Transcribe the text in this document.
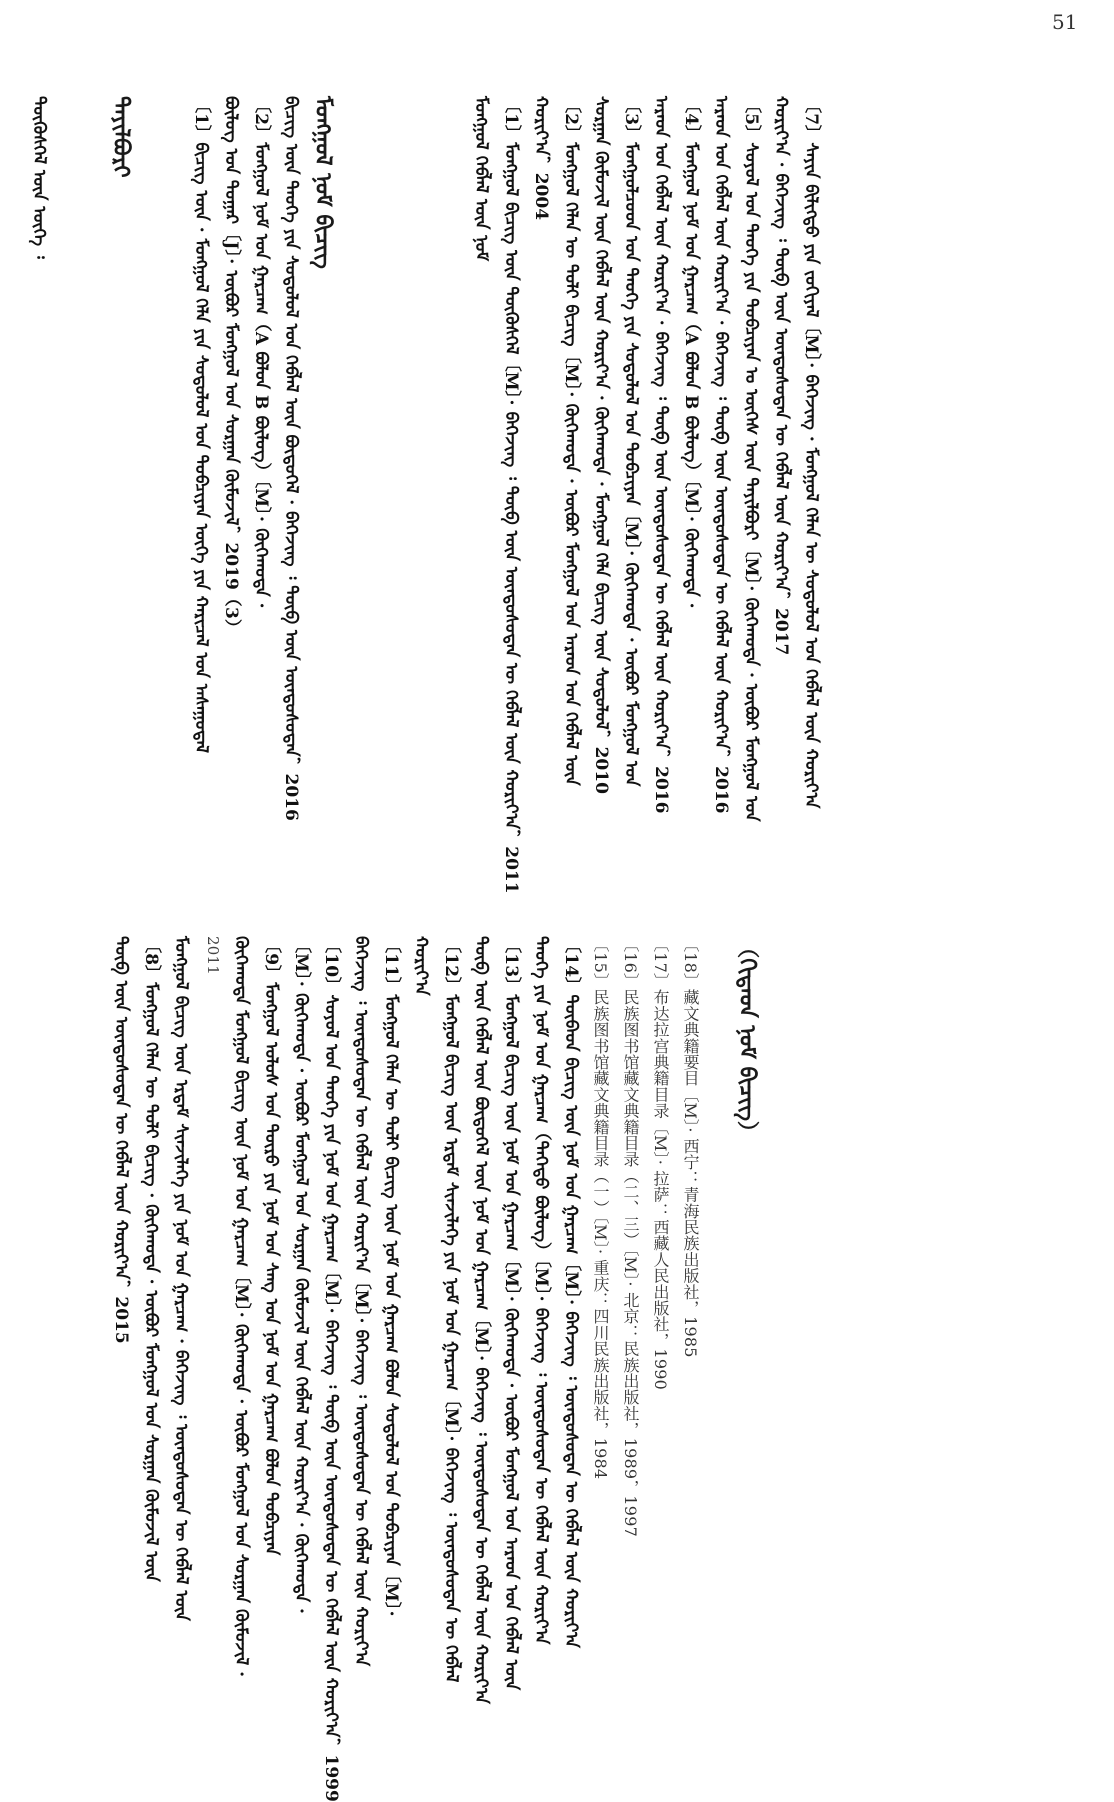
51
〔7〕ᠰᠠᠶᠢᠨ ᠪᠢᠯᠢᠭᠲᠦ ᠶᠢᠨ ᠵᠣᠬᠢᠶᠠᠯ〔M〕· ᠪᠡᠭᠡᠵᠢᠩ · ᠮᠣᠩᠭᠣᠯ ᠬᠡᠯᠡᠨ ᠦ ᠰᠤᠳᠤᠯᠤᠯ ᠤᠨ ᠬᠡᠪᠯᠡᠯ ᠦᠨ ᠬᠣᠷᠢᠶ᠎ᠠ
ᠬᠣᠷᠢᠶ᠎ᠠ · ᠪᠡᠭᠡᠵᠢᠩ ᠄ ᠲᠥᠪ ᠦᠨ ᠦᠨᠳᠦᠰᠦᠲᠡᠨ ᠦ ᠬᠡᠪᠯᠡᠯ ᠦᠨ ᠬᠣᠷᠢᠶ᠎ᠠ，2017
〔5〕ᠰᠣᠶᠣᠯ ᠤᠨ ᠲᠡᠦᠬᠡ ᠶᠢᠨ ᠲᠣᠪᠴᠢᠶᠠᠨ ᠤ ᠦᠭᠡᠰ ᠦᠨ ᠲᠠᠶᠢᠯᠪᠦᠷᠢ〔M〕· ᠬᠥᠬᠡᠬᠣᠲᠠ · ᠥᠪᠥᠷ ᠮᠣᠩᠭᠣᠯ ᠤᠨ
ᠠᠷᠠᠳ ᠤᠨ ᠬᠡᠪᠯᠡᠯ ᠦᠨ ᠬᠣᠷᠢᠶ᠎ᠠ · ᠪᠡᠭᠡᠵᠢᠩ ᠄ ᠲᠥᠪ ᠦᠨ ᠦᠨᠳᠦᠰᠦᠲᠡᠨ ᠦ ᠬᠡᠪᠯᠡᠯ ᠦᠨ ᠬᠣᠷᠢᠶ᠎ᠠ，2016
〔4〕ᠮᠣᠩᠭᠣᠯ ᠨᠣᠮ ᠤᠨ ᠭᠠᠷᠴᠠᠭ（A ᠪᠣᠯᠣᠨ B ᠪᠦᠯᠦᠭ）〔M〕· ᠬᠥᠬᠡᠬᠣᠲᠠ ·
ᠠᠷᠠᠳ ᠤᠨ ᠬᠡᠪᠯᠡᠯ ᠦᠨ ᠬᠣᠷᠢᠶ᠎ᠠ · ᠪᠡᠭᠡᠵᠢᠩ ᠄ ᠲᠥᠪ ᠦᠨ ᠦᠨᠳᠦᠰᠦᠲᠡᠨ ᠦ ᠬᠡᠪᠯᠡᠯ ᠦᠨ ᠬᠣᠷᠢᠶ᠎ᠠ，2016
〔3〕ᠮᠣᠩᠭᠣᠯᠴᠤᠳ ᠤᠨ ᠲᠡᠦᠬᠡ ᠶᠢᠨ ᠰᠤᠳᠤᠯᠤᠯ ᠤᠨ ᠲᠣᠪᠴᠢᠶᠠᠨ〔M〕· ᠬᠥᠬᠡᠬᠣᠲᠠ · ᠥᠪᠥᠷ ᠮᠣᠩᠭᠣᠯ ᠤᠨ
ᠰᠤᠷᠭᠠᠨ ᠬᠦᠮᠦᠵᠢᠯ ᠦᠨ ᠬᠡᠪᠯᠡᠯ ᠦᠨ ᠬᠣᠷᠢᠶ᠎ᠠ · ᠬᠥᠬᠡᠬᠣᠲᠠ · ᠮᠣᠩᠭᠣᠯ ᠬᠡᠯᠡ ᠪᠢᠴᠢᠭ ᠦᠨ ᠰᠤᠳᠤᠯᠤᠯ，2010
〔2〕ᠮᠣᠩᠭᠣᠯ ᠬᠡᠯᠡᠨ ᠦ ᠲᠣᠯᠢ ᠪᠢᠴᠢᠭ〔M〕· ᠬᠥᠬᠡᠬᠣᠲᠠ · ᠥᠪᠥᠷ ᠮᠣᠩᠭᠣᠯ ᠤᠨ ᠠᠷᠠᠳ ᠤᠨ ᠬᠡᠪᠯᠡᠯ ᠦᠨ
ᠬᠣᠷᠢᠶ᠎ᠠ，2004
〔1〕ᠮᠣᠩᠭᠣᠯ ᠪᠢᠴᠢᠭ ᠦᠨ ᠲᠥᠭᠦᠰᠬᠡᠯ〔M〕· ᠪᠡᠭᠡᠵᠢᠩ ᠄ ᠲᠥᠪ ᠦᠨ ᠦᠨᠳᠦᠰᠦᠲᠡᠨ ᠦ ᠬᠡᠪᠯᠡᠯ ᠦᠨ ᠬᠣᠷᠢᠶ᠎ᠠ，2011
ᠮᠣᠩᠭᠣᠯ ᠬᠡᠪᠯᠡᠯ ᠦᠨ ᠨᠣᠮ
ᠮᠣᠩᠭᠣᠯ ᠨᠣᠮ ᠪᠢᠴᠢᠭ
ᠪᠢᠴᠢᠭ ᠦᠨ ᠲᠡᠦᠬᠡ ᠶᠢᠨ ᠰᠤᠳᠤᠯᠤᠯ ᠤᠨ ᠬᠡᠪᠯᠡᠯ ᠦᠨ ᠪᠦᠲᠦᠭᠡᠯ · ᠪᠡᠭᠡᠵᠢᠩ ᠄ ᠲᠥᠪ ᠦᠨ ᠦᠨᠳᠦᠰᠦᠲᠡᠨ，2016
〔2〕ᠮᠣᠩᠭᠣᠯ ᠨᠣᠮ ᠤᠨ ᠭᠠᠷᠴᠠᠭ（A ᠪᠣᠯᠣᠨ B ᠪᠦᠯᠦᠭ）〔M〕· ᠬᠥᠬᠡᠬᠣᠲᠠ ·
ᠪᠦᠯᠦᠭ ᠤᠨ ᠳᠤᠭᠠᠷ〔J〕· ᠥᠪᠥᠷ ᠮᠣᠩᠭᠣᠯ ᠤᠨ ᠰᠤᠷᠭᠠᠨ ᠬᠦᠮᠦᠵᠢᠯ，2019（3）
〔1〕ᠪᠢᠴᠢᠭ ᠦᠨ · ᠮᠣᠩᠭᠣᠯ ᠬᠡᠯᠡ ᠶᠢᠨ ᠰᠤᠳᠤᠯᠤᠯ ᠤᠨ ᠲᠣᠪᠴᠢᠶᠠᠨ ᠦᠭᠡ ᠶᠢᠨ ᠬᠠᠷᠢᠴᠠᠯ ᠤᠨ ᠠᠰᠠᠭᠤᠳᠠᠯ
ᠲᠠᠶᠢᠯᠪᠦᠷᠢ
ᠲᠥᠭᠦᠰᠬᠡᠯ ᠦᠨ ᠦᠭᠡ ᠄
（ᠬᠢᠲᠠᠳ ᠨᠣᠮ ᠪᠢᠴᠢᠭ）
〔18〕藏文典籍要目〔M〕· 西宁：青海民族出版社，1985
〔17〕布达拉宫典籍目录〔M〕· 拉萨：西藏人民出版社，1990
〔16〕民族图书馆藏文典籍目录（二、三）〔M〕· 北京：民族出版社，1989，1997
〔15〕民族图书馆藏文典籍目录（一）〔M〕· 重庆：四川民族出版社，1984
〔14〕ᠲᠥᠪᠡᠳ ᠪᠢᠴᠢᠭ ᠦᠨ ᠨᠣᠮ ᠤᠨ ᠭᠠᠷᠴᠠᠭ〔M〕· ᠪᠡᠭᠡᠵᠢᠩ ᠄ ᠦᠨᠳᠦᠰᠦᠲᠡᠨ ᠦ ᠬᠡᠪᠯᠡᠯ ᠦᠨ ᠬᠣᠷᠢᠶ᠎ᠠ
ᠲᠡᠦᠬᠡ ᠶᠢᠨ ᠨᠣᠮ ᠤᠨ ᠭᠠᠷᠴᠠᠭ（ᠳᠡᠭᠡᠳᠦ ᠪᠦᠯᠦᠭ）〔M〕· ᠪᠡᠭᠡᠵᠢᠩ ᠄ ᠦᠨᠳᠦᠰᠦᠲᠡᠨ ᠦ ᠬᠡᠪᠯᠡᠯ ᠦᠨ ᠬᠣᠷᠢᠶ᠎ᠠ
〔13〕ᠮᠣᠩᠭᠣᠯ ᠪᠢᠴᠢᠭ ᠦᠨ ᠨᠣᠮ ᠤᠨ ᠭᠠᠷᠴᠠᠭ〔M〕· ᠬᠥᠬᠡᠬᠣᠲᠠ · ᠥᠪᠥᠷ ᠮᠣᠩᠭᠣᠯ ᠤᠨ ᠠᠷᠠᠳ ᠤᠨ ᠬᠡᠪᠯᠡᠯ ᠦᠨ
ᠲᠥᠪ ᠦᠨ ᠬᠡᠪᠯᠡᠯ ᠦᠨ ᠪᠦᠲᠦᠭᠡᠯ ᠦᠨ ᠨᠣᠮ ᠤᠨ ᠭᠠᠷᠴᠠᠭ〔M〕· ᠪᠡᠭᠡᠵᠢᠩ ᠄ ᠦᠨᠳᠦᠰᠦᠲᠡᠨ ᠦ ᠬᠡᠪᠯᠡᠯ ᠦᠨ ᠬᠣᠷᠢᠶ᠎ᠠ
〔12〕ᠮᠣᠩᠭᠣᠯ ᠪᠢᠴᠢᠭ ᠦᠨ ᠡᠷᠳᠡᠮ ᠰᠢᠨᠵᠢᠯᠡᠭᠡ ᠶᠢᠨ ᠨᠣᠮ ᠤᠨ ᠭᠠᠷᠴᠠᠭ〔M〕· ᠪᠡᠭᠡᠵᠢᠩ ᠄ ᠦᠨᠳᠦᠰᠦᠲᠡᠨ ᠦ ᠬᠡᠪᠯᠡᠯ
ᠬᠣᠷᠢᠶ᠎ᠠ
〔11〕ᠮᠣᠩᠭᠣᠯ ᠬᠡᠯᠡᠨ ᠦ ᠲᠣᠯᠢ ᠪᠢᠴᠢᠭ ᠦᠨ ᠨᠣᠮ ᠤᠨ ᠭᠠᠷᠴᠠᠭ ᠪᠣᠯᠣᠨ ᠰᠤᠳᠤᠯᠤᠯ ᠤᠨ ᠲᠣᠪᠴᠢᠶᠠᠨ〔M〕·
ᠪᠡᠭᠡᠵᠢᠩ ᠄ ᠦᠨᠳᠦᠰᠦᠲᠡᠨ ᠦ ᠬᠡᠪᠯᠡᠯ ᠦᠨ ᠬᠣᠷᠢᠶ᠎ᠠ〔M〕· ᠪᠡᠭᠡᠵᠢᠩ ᠄ ᠦᠨᠳᠦᠰᠦᠲᠡᠨ ᠦ ᠬᠡᠪᠯᠡᠯ ᠦᠨ ᠬᠣᠷᠢᠶ᠎ᠠ
〔10〕ᠰᠣᠶᠣᠯ ᠤᠨ ᠲᠡᠦᠬᠡ ᠶᠢᠨ ᠨᠣᠮ ᠤᠨ ᠭᠠᠷᠴᠠᠭ〔M〕· ᠪᠡᠭᠡᠵᠢᠩ ᠄ ᠲᠥᠪ ᠦᠨ ᠦᠨᠳᠦᠰᠦᠲᠡᠨ ᠦ ᠬᠡᠪᠯᠡᠯ ᠦᠨ ᠬᠣᠷᠢᠶ᠎ᠠ，1999
〔M〕· ᠬᠥᠬᠡᠬᠣᠲᠠ · ᠥᠪᠥᠷ ᠮᠣᠩᠭᠣᠯ ᠤᠨ ᠰᠤᠷᠭᠠᠨ ᠬᠦᠮᠦᠵᠢᠯ ᠦᠨ ᠬᠡᠪᠯᠡᠯ ᠦᠨ ᠬᠣᠷᠢᠶ᠎ᠠ · ᠬᠥᠬᠡᠬᠣᠲᠠ ·
〔9〕ᠮᠣᠩᠭᠣᠯ ᠤᠯᠤᠰ ᠤᠨ ᠲᠥᠷᠥ ᠶᠢᠨ ᠨᠣᠮ ᠤᠨ ᠰᠠᠩ ᠤᠨ ᠨᠣᠮ ᠤᠨ ᠭᠠᠷᠴᠠᠭ ᠪᠣᠯᠣᠨ ᠲᠣᠪᠴᠢᠶᠠᠨ
ᠬᠥᠬᠡᠬᠣᠲᠠ ᠮᠣᠩᠭᠣᠯ ᠪᠢᠴᠢᠭ ᠦᠨ ᠨᠣᠮ ᠤᠨ ᠭᠠᠷᠴᠠᠭ〔M〕· ᠬᠥᠬᠡᠬᠣᠲᠠ · ᠥᠪᠥᠷ ᠮᠣᠩᠭᠣᠯ ᠤᠨ ᠰᠤᠷᠭᠠᠨ ᠬᠦᠮᠦᠵᠢᠯ ·
2011
ᠮᠣᠩᠭᠣᠯ ᠪᠢᠴᠢᠭ ᠦᠨ ᠡᠷᠳᠡᠮ ᠰᠢᠨᠵᠢᠯᠡᠭᠡ ᠶᠢᠨ ᠨᠣᠮ ᠤᠨ ᠭᠠᠷᠴᠠᠭ · ᠪᠡᠭᠡᠵᠢᠩ ᠄ ᠦᠨᠳᠦᠰᠦᠲᠡᠨ ᠦ ᠬᠡᠪᠯᠡᠯ ᠦᠨ
〔8〕ᠮᠣᠩᠭᠣᠯ ᠬᠡᠯᠡᠨ ᠦ ᠲᠣᠯᠢ ᠪᠢᠴᠢᠭ · ᠬᠥᠬᠡᠬᠣᠲᠠ · ᠥᠪᠥᠷ ᠮᠣᠩᠭᠣᠯ ᠤᠨ ᠰᠤᠷᠭᠠᠨ ᠬᠦᠮᠦᠵᠢᠯ ᠦᠨ
ᠲᠥᠪ ᠦᠨ ᠦᠨᠳᠦᠰᠦᠲᠡᠨ ᠦ ᠬᠡᠪᠯᠡᠯ ᠦᠨ ᠬᠣᠷᠢᠶ᠎ᠠ，2015
